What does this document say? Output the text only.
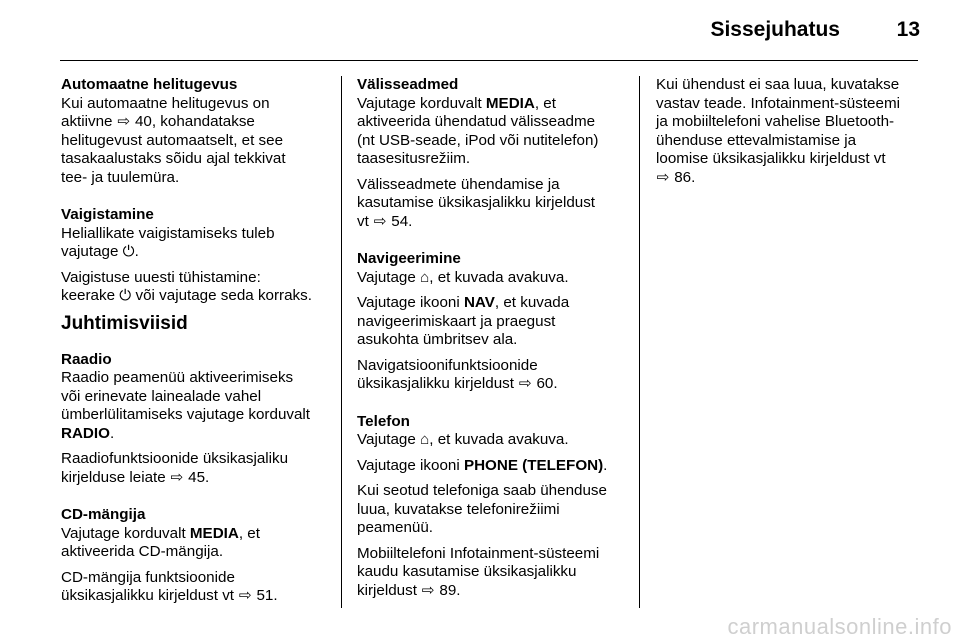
Sissejuhatus	13
Automaatne helitugevus

Kui automaatne helitugevus on
aktiivne ⇨ 40, kohandatakse
helitugevust automaatselt, et see
tasakaalustaks sõidu ajal tekkivat
tee- ja tuulemüra.

Vaigistamine

Heliallikate vaigistamiseks tuleb
vajutage ⏻.

Vaigistuse uuesti tühistamine:
keerake ⏻ või vajutage seda korraks.

Juhtimisviisid
Raadio

Raadio peamenüü aktiveerimiseks
või erinevate lainealade vahel
ümberlülitamiseks vajutage korduvalt
RADIO.

Raadiofunktsioonide üksikasjaliku
kirjelduse leiate ⇨ 45.

CD-mängija

Vajutage korduvalt MEDIA, et
aktiveerida CD-mängija.

CD-mängija funktsioonide
üksikasjalikku kirjeldust vt ⇨ 51.

Välisseadmed

Vajutage korduvalt MEDIA, et
aktiveerida ühendatud välisseadme
(nt USB-seade, iPod või nutitelefon)
taasesitusrežiim.

Välisseadmete ühendamise ja
kasutamise üksikasjalikku kirjeldust
vt ⇨ 54.

Navigeerimine

Vajutage ⌂, et kuvada avakuva.

Vajutage ikooni NAV, et kuvada
navigeerimiskaart ja praegust
asukohta ümbritsev ala.

Navigatsioonifunktsioonide
üksikasjalikku kirjeldust ⇨ 60.

Telefon

Vajutage ⌂, et kuvada avakuva.

Vajutage ikooni PHONE (TELEFON).

Kui seotud telefoniga saab ühenduse
luua, kuvatakse telefonirežiimi
peamenüü.

Mobiiltelefoni Infotainment-süsteemi
kaudu kasutamise üksikasjalikku
kirjeldust ⇨ 89.

Kui ühendust ei saa luua, kuvatakse
vastav teade. Infotainment-süsteemi
ja mobiiltelefoni vahelise Bluetooth-
ühenduse ettevalmistamise ja
loomise üksikasjalikku kirjeldust vt
⇨ 86.

carmanualsonline.info
